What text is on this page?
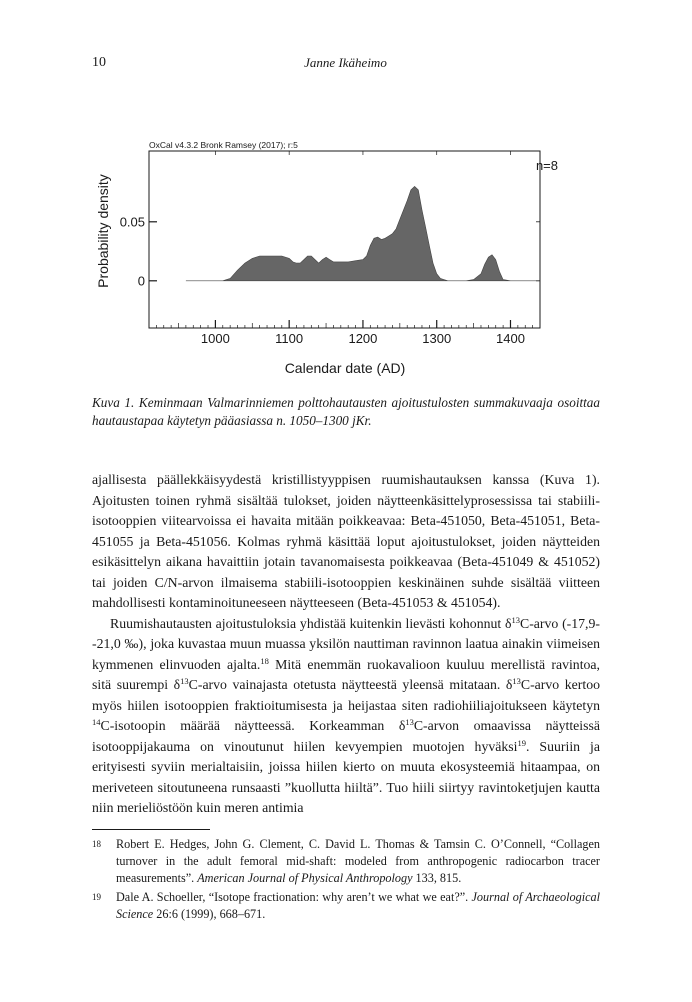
10	Janne Ikäheimo
OxCal v4.3.2 Bronk Ramsey (2017); r:5
n=8
1000	1100	1200	1300	1400
0
0.05
Calendar date (AD)
Probability density
Kuva 1. Keminmaan Valmarinniemen polttohautausten ajoitustulosten summakuvaaja osoittaa hautaustapaa käytetyn pääasiassa n. 1050–1300 jKr.

ajallisesta päällekkäisyydestä kristillistyyppisen ruumishautauksen kanssa (Kuva 1). Ajoitusten toinen ryhmä sisältää tulokset, joiden näytteenkäsittelyprosessissa tai stabiili-isotooppien viitearvoissa ei havaita mitään poikkeavaa: Beta-451050, Beta-451051, Beta-451055 ja Beta-451056. Kolmas ryhmä käsittää loput ajoitustulokset, joiden näytteiden esikäsittelyn aikana havaittiin jotain tavanomaisesta poikkeavaa (Beta-451049 & 451052) tai joiden C/N-arvon ilmaisema stabiili-isotooppien keskinäinen suhde sisältää viitteen mahdollisesti kontaminoituneeseen näytteeseen (Beta-451053 & 451054).

Ruumishautausten ajoitustuloksia yhdistää kuitenkin lievästi kohonnut $\delta^{13}C$-arvo (-17,9--21,0 ‰), joka kuvastaa muun muassa yksilön nauttiman ravinnon laatua ainakin viimeisen kymmenen elinvuoden ajalta.$^{18}$ Mitä enemmän ruokavalioon kuuluu merellistä ravintoa, sitä suurempi $\delta^{13}C$-arvo vainajasta otetusta näytteestä yleensä mitataan. $\delta^{13}C$-arvo kertoo myös hiilen isotooppien fraktioitumisesta ja heijastaa siten radiohiiliajoitukseen käytetyn $^{14}$C-isotoopin määrää näytteessä. Korkeamman $\delta^{13}C$-arvon omaavissa näytteissä isotooppijakauma on vinoutunut hiilen kevyempien muotojen hyväksi$^{19}$. Suuriin ja erityisesti syviin merialtaisiin, joissa hiilen kierto on muuta ekosysteemiä hitaampaa, on meriveteen sitoutuneena runsaasti ”kuollutta hiiltä”. Tuo hiili siirtyy ravintoketjujen kautta niin merieliöstöön kuin meren antimia

18 Robert E. Hedges, John G. Clement, C. David L. Thomas & Tamsin C. O’Connell, “Collagen turnover in the adult femoral mid-shaft: modeled from anthropogenic radiocarbon tracer measurements”. American Journal of Physical Anthropology 133, 815.
19 Dale A. Schoeller, “Isotope fractionation: why aren’t we what we eat?”. Journal of Archaeological Science 26:6 (1999), 668–671.
